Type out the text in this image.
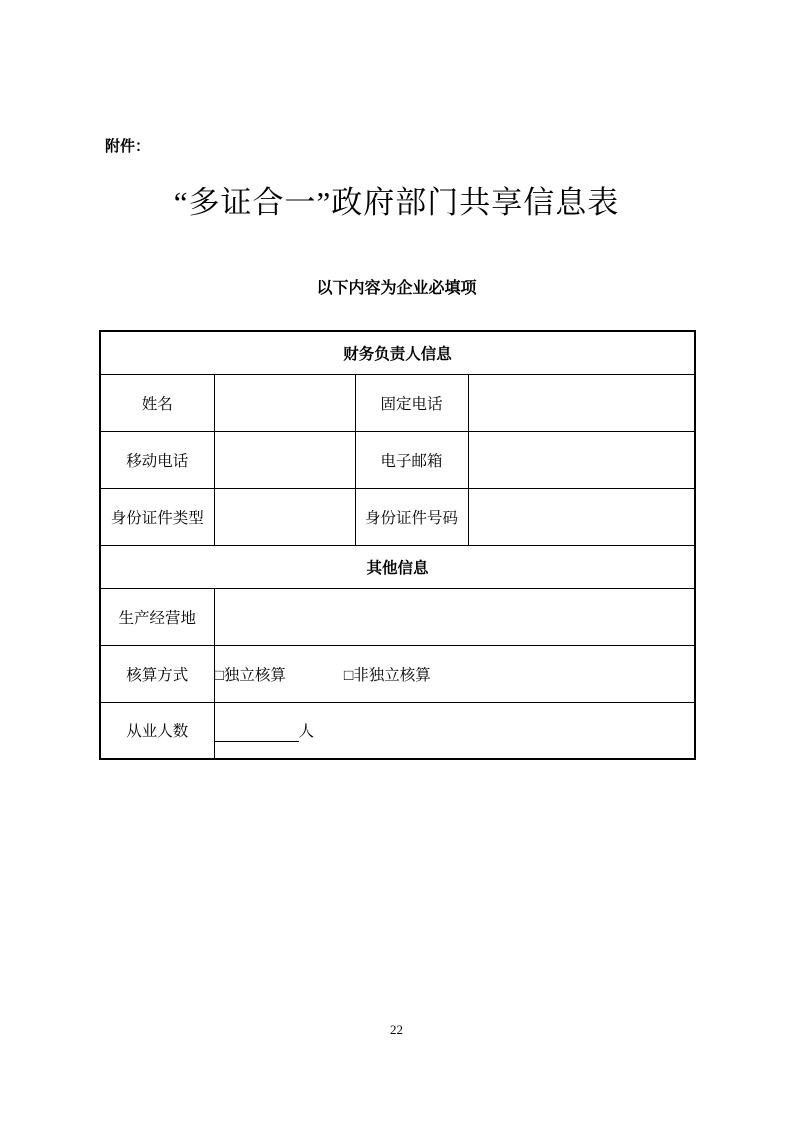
附件：
“多证合一”政府部门共享信息表
以下内容为企业必填项
财务负责人信息			
姓名		固定电话	
移动电话		电子邮箱	
身份证件类型		身份证件号码	
其他信息			
生产经营地			
核算方式	□独立核算 □非独立核算		
从业人数	人		
22
